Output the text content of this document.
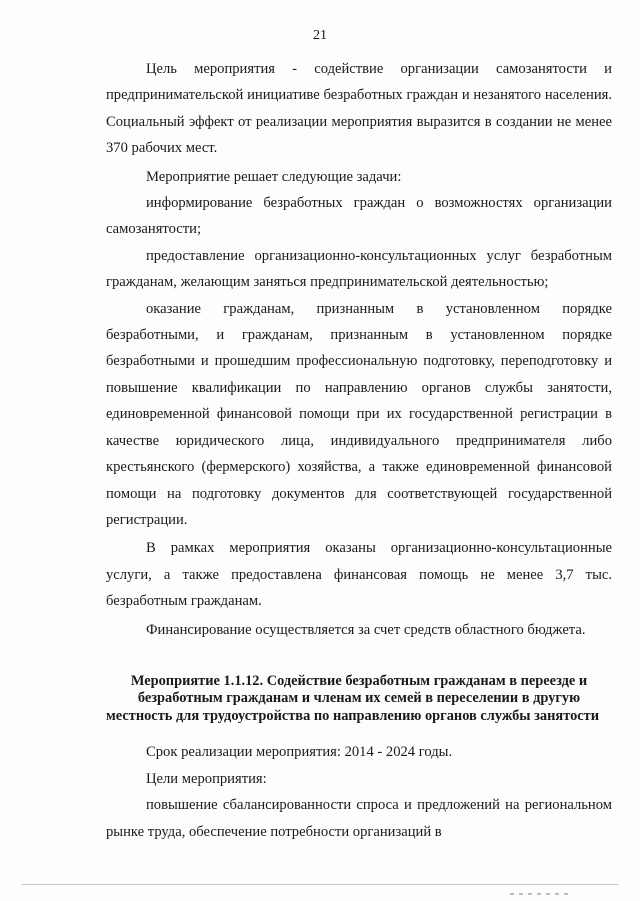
21

Цель мероприятия - содействие организации самозанятости и предпринимательской инициативе безработных граждан и незанятого населения. Социальный эффект от реализации мероприятия выразится в создании не менее 370 рабочих мест.

Мероприятие решает следующие задачи:

информирование безработных граждан о возможностях организации самозанятости;

предоставление организационно-консультационных услуг безработным гражданам, желающим заняться предпринимательской деятельностью;

оказание гражданам, признанным в установленном порядке безработными, и гражданам, признанным в установленном порядке безработными и прошедшим профессиональную подготовку, переподготовку и повышение квалификации по направлению органов службы занятости, единовременной финансовой помощи при их государственной регистрации в качестве юридического лица, индивидуального предпринимателя либо крестьянского (фермерского) хозяйства, а также единовременной финансовой помощи на подготовку документов для соответствующей государственной регистрации.

В рамках мероприятия оказаны организационно-консультационные услуги, а также предоставлена финансовая помощь не менее 3,7 тыс. безработным гражданам.

Финансирование осуществляется за счет средств областного бюджета.

Мероприятие 1.1.12. Содействие безработным гражданам в переезде и безработным гражданам и членам их семей в переселении в другую местность для трудоустройства по направлению органов службы занятости

Срок реализации мероприятия: 2014 - 2024 годы.

Цели мероприятия:

повышение сбалансированности спроса и предложений на региональном рынке труда, обеспечение потребности организаций в
